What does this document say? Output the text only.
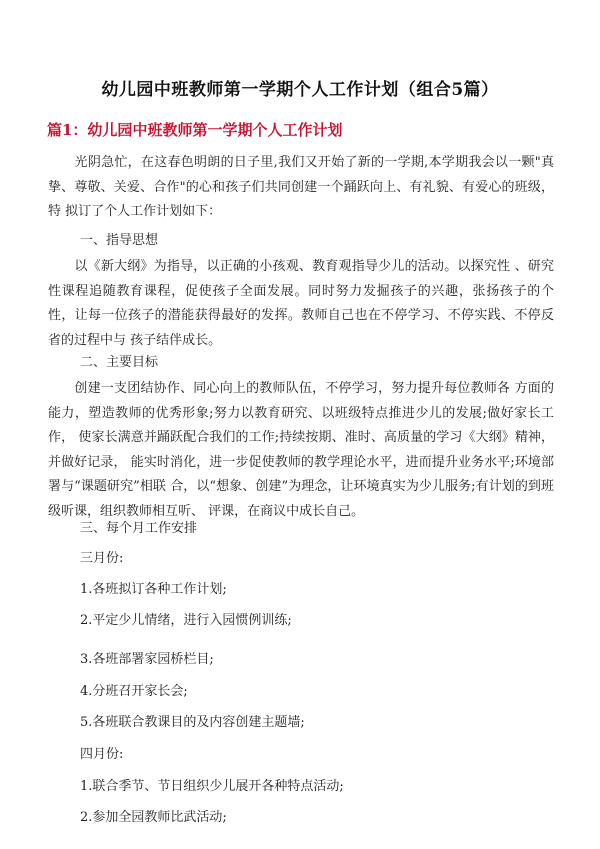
幼儿园中班教师第一学期个人工作计划（组合5篇）
篇1：幼儿园中班教师第一学期个人工作计划
　　光阴急忙，在这春色明朗的日子里,我们又开始了新的一学期,本学期我会以一颗"真挚、尊敬、关爱、合作"的心和孩子们共同创建一个踊跃向上、有礼貌、有爱心的班级，特 拟订了个人工作计划如下：
一、指导思想
　　以《新大纲》为指导，以正确的小孩观、教育观指导少儿的活动。以探究性 、研究性课程追随教育课程，促使孩子全面发展。同时努力发掘孩子的兴趣，张扬孩子的个性，让每一位孩子的潜能获得最好的发挥。教师自己也在不停学习、不停实践、不停反省的过程中与 孩子结伴成长。
二、主要目标
　　创建一支团结协作、同心向上的教师队伍，不停学习，努力提升每位教师各 方面的能力，塑造教师的优秀形象;努力以教育研究、以班级特点推进少儿的发展;做好家长工作， 使家长满意并踊跃配合我们的工作;持续按期、准时、高质量的学习《大纲》精神，并做好记录， 能实时消化，进一步促使教师的教学理论水平，进而提升业务水平;环境部署与“课题研究”相联 合，以“想象、创建”为理念，让环境真实为少儿服务;有计划的到班级听课，组织教师相互听、 评课，在商议中成长自己。
三、每个月工作安排
三月份:
1.各班拟订各种工作计划;
2.平定少儿情绪，进行入园惯例训练;
3.各班部署家园桥栏目;
4.分班召开家长会;
5.各班联合教课目的及内容创建主题墙;
四月份:
1.联合季节、节日组织少儿展开各种特点活动;
2.参加全园教师比武活动;
